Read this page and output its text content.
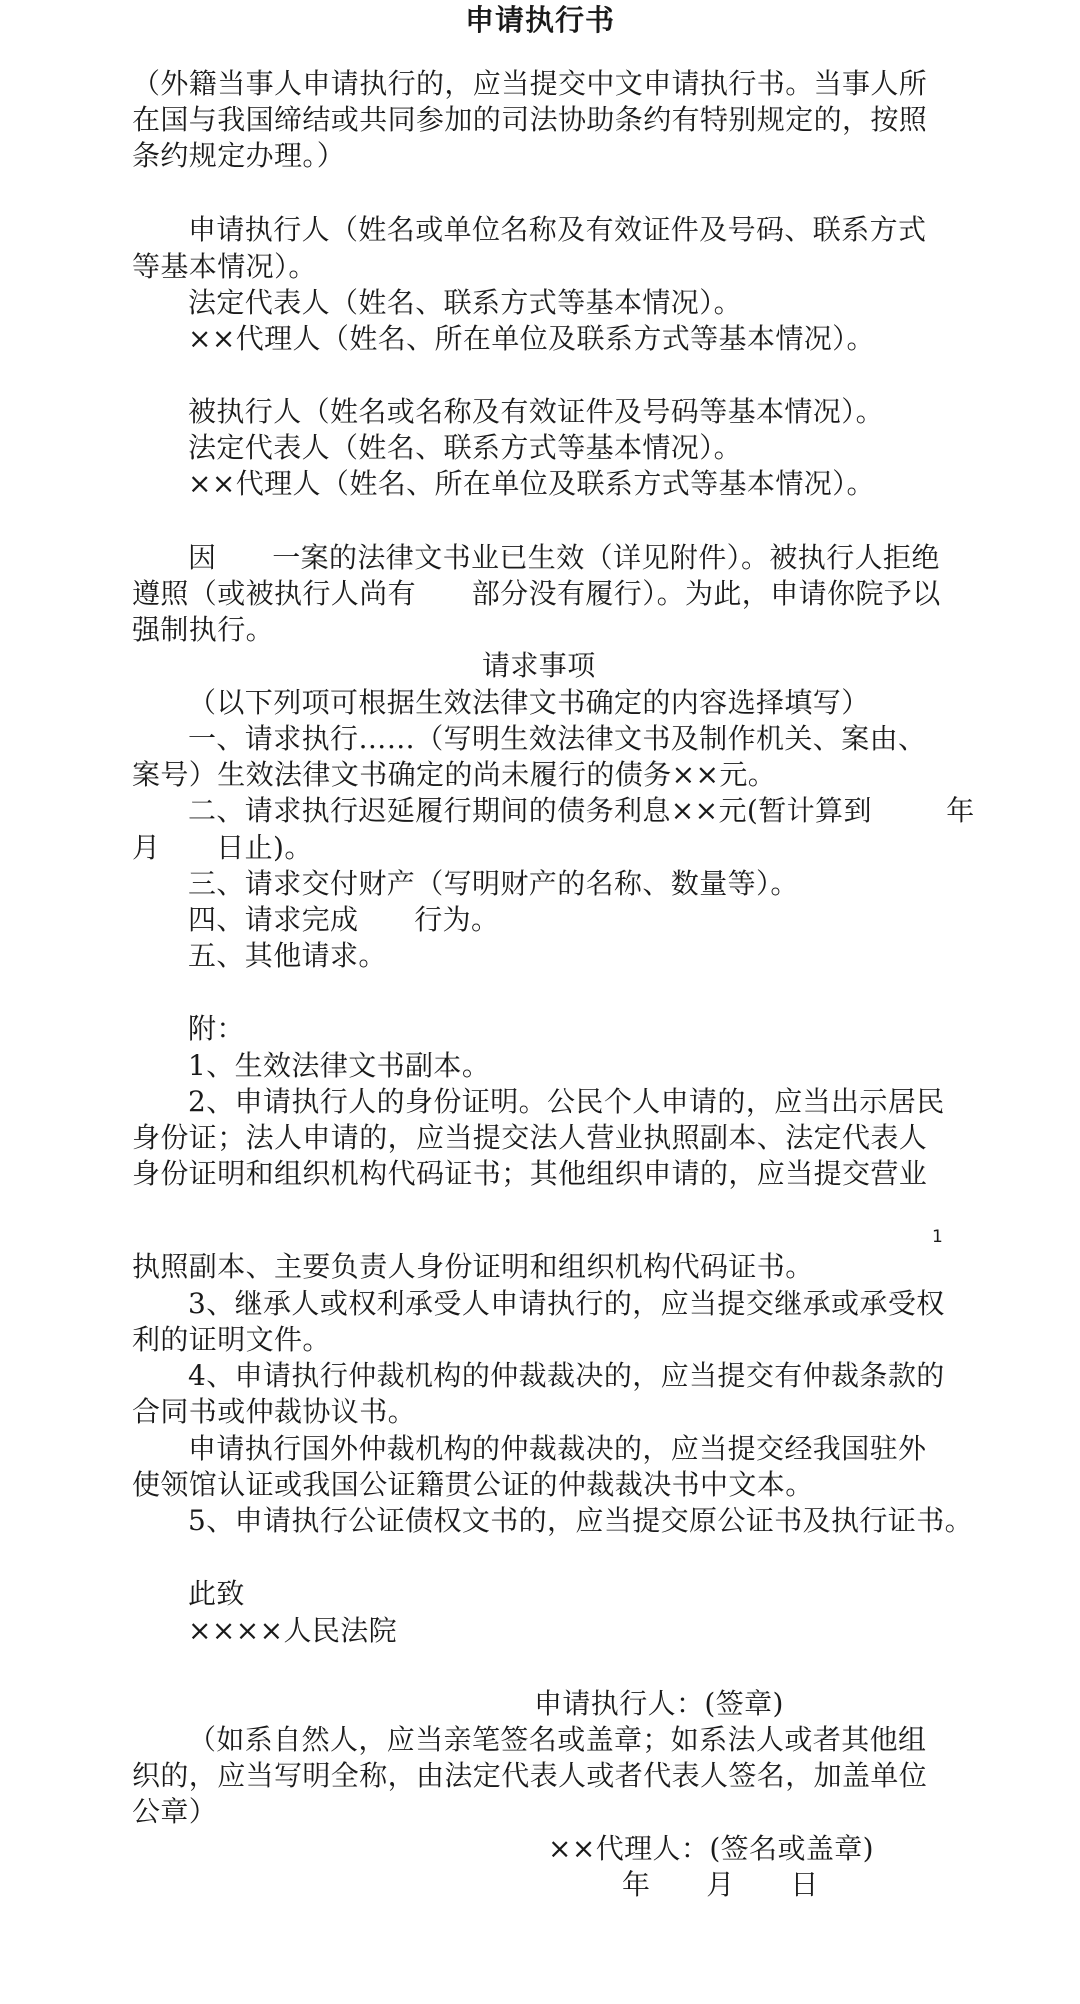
申请执行书
（外籍当事人申请执行的，应当提交中文申请执行书。当事人所
在国与我国缔结或共同参加的司法协助条约有特别规定的，按照
条约规定办理。）
申请执行人（姓名或单位名称及有效证件及号码、联系方式
等基本情况）。
法定代表人（姓名、联系方式等基本情况）。
××代理人（姓名、所在单位及联系方式等基本情况）。
被执行人（姓名或名称及有效证件及号码等基本情况）。
法定代表人（姓名、联系方式等基本情况）。
××代理人（姓名、所在单位及联系方式等基本情况）。
因      一案的法律文书业已生效（详见附件）。被执行人拒绝
遵照（或被执行人尚有      部分没有履行）。为此，申请你院予以
强制执行。
请求事项
（以下列项可根据生效法律文书确定的内容选择填写）
一、请求执行……（写明生效法律文书及制作机关、案由、
案号）生效法律文书确定的尚未履行的债务××元。
二、请求执行迟延履行期间的债务利息××元(暂计算到        年
月      日止)。
三、请求交付财产（写明财产的名称、数量等）。
四、请求完成      行为。
五、其他请求。
附：
1、生效法律文书副本。
2、申请执行人的身份证明。公民个人申请的，应当出示居民
身份证；法人申请的，应当提交法人营业执照副本、法定代表人
身份证明和组织机构代码证书；其他组织申请的，应当提交营业
1
执照副本、主要负责人身份证明和组织机构代码证书。
3、继承人或权利承受人申请执行的，应当提交继承或承受权
利的证明文件。
4、申请执行仲裁机构的仲裁裁决的，应当提交有仲裁条款的
合同书或仲裁协议书。
申请执行国外仲裁机构的仲裁裁决的，应当提交经我国驻外
使领馆认证或我国公证籍贯公证的仲裁裁决书中文本。
5、申请执行公证债权文书的，应当提交原公证书及执行证书。
此致
××××人民法院
申请执行人：(签章)
（如系自然人，应当亲笔签名或盖章；如系法人或者其他组
织的，应当写明全称，由法定代表人或者代表人签名，加盖单位
公章）
××代理人：(签名或盖章)
年      月      日
